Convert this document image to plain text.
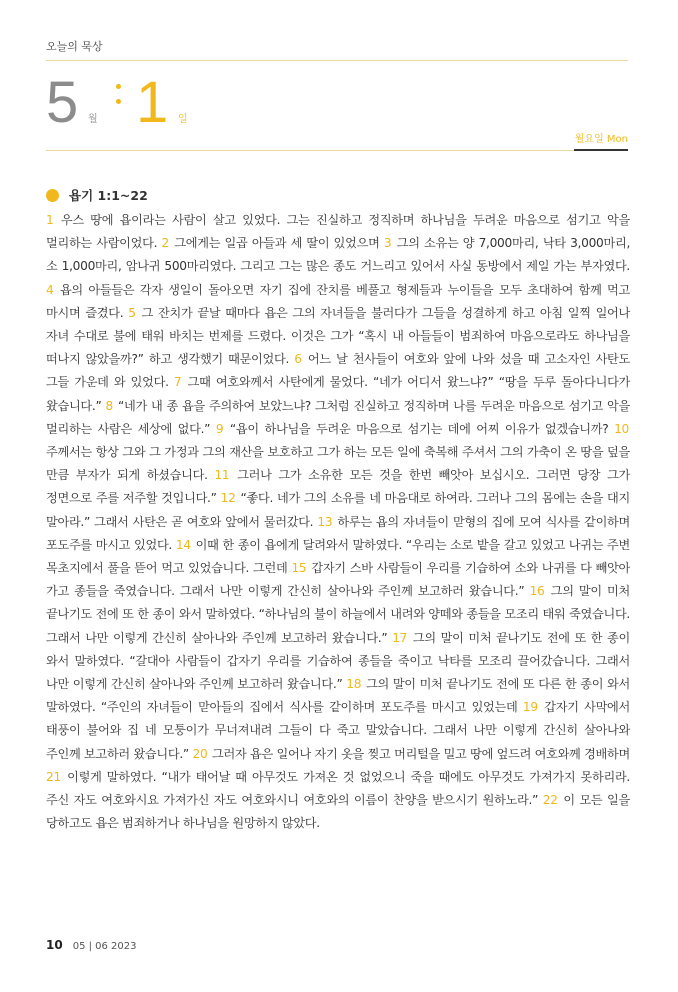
오늘의 묵상
5 월 1 일
월요일 Mon
욥기 1:1~22
1 우스 땅에 욥이라는 사람이 살고 있었다. 그는 진실하고 정직하며 하나님을 두려운 마음으로 섬기고 악을 멀리하는 사람이었다. 2 그에게는 일곱 아들과 세 딸이 있었으며 3 그의 소유는 양 7,000마리, 낙타 3,000마리, 소 1,000마리, 암나귀 500마리였다. 그리고 그는 많은 종도 거느리고 있어서 사실 동방에서 제일 가는 부자였다. 4 욥의 아들들은 각자 생일이 돌아오면 자기 집에 잔치를 베풀고 형제들과 누이들을 모두 초대하여 함께 먹고 마시며 즐겼다. 5 그 잔치가 끝날 때마다 욥은 그의 자녀들을 불러다가 그들을 성결하게 하고 아침 일찍 일어나 자녀 수대로 불에 태워 바치는 번제를 드렸다. 이것은 그가 “혹시 내 아들들이 범죄하여 마음으로라도 하나님을 떠나지 않았을까?” 하고 생각했기 때문이었다. 6 어느 날 천사들이 여호와 앞에 나와 섰을 때 고소자인 사탄도 그들 가운데 와 있었다. 7 그때 여호와께서 사탄에게 물었다. “네가 어디서 왔느냐?” “땅을 두루 돌아다니다가 왔습니다.” 8 “네가 내 종 욥을 주의하여 보았느냐? 그처럼 진실하고 정직하며 나를 두려운 마음으로 섬기고 악을 멀리하는 사람은 세상에 없다.” 9 “욥이 하나님을 두려운 마음으로 섬기는 데에 어찌 이유가 없겠습니까? 10 주께서는 항상 그와 그 가정과 그의 재산을 보호하고 그가 하는 모든 일에 축복해 주셔서 그의 가축이 온 땅을 덮을 만큼 부자가 되게 하셨습니다. 11 그러나 그가 소유한 모든 것을 한번 빼앗아 보십시오. 그러면 당장 그가 정면으로 주를 저주할 것입니다.” 12 “좋다. 네가 그의 소유를 네 마음대로 하여라. 그러나 그의 몸에는 손을 대지 말아라.” 그래서 사탄은 곧 여호와 앞에서 물러갔다. 13 하루는 욥의 자녀들이 맏형의 집에 모여 식사를 같이하며 포도주를 마시고 있었다. 14 이때 한 종이 욥에게 달려와서 말하였다. “우리는 소로 밭을 갈고 있었고 나귀는 주변 목초지에서 풀을 뜯어 먹고 있었습니다. 그런데 15 갑자기 스바 사람들이 우리를 기습하여 소와 나귀를 다 빼앗아 가고 종들을 죽였습니다. 그래서 나만 이렇게 간신히 살아나와 주인께 보고하러 왔습니다.” 16 그의 말이 미처 끝나기도 전에 또 한 종이 와서 말하였다. “하나님의 불이 하늘에서 내려와 양떼와 종들을 모조리 태워 죽였습니다. 그래서 나만 이렇게 간신히 살아나와 주인께 보고하러 왔습니다.” 17 그의 말이 미처 끝나기도 전에 또 한 종이 와서 말하였다. “갈대아 사람들이 갑자기 우리를 기습하여 종들을 죽이고 낙타를 모조리 끌어갔습니다. 그래서 나만 이렇게 간신히 살아나와 주인께 보고하러 왔습니다.” 18 그의 말이 미처 끝나기도 전에 또 다른 한 종이 와서 말하였다. “주인의 자녀들이 맏아들의 집에서 식사를 같이하며 포도주를 마시고 있었는데 19 갑자기 사막에서 태풍이 불어와 집 네 모퉁이가 무너져내려 그들이 다 죽고 말았습니다. 그래서 나만 이렇게 간신히 살아나와 주인께 보고하러 왔습니다.” 20 그러자 욥은 일어나 자기 옷을 찢고 머리털을 밀고 땅에 엎드려 여호와께 경배하며 21 이렇게 말하였다. “내가 태어날 때 아무것도 가져온 것 없었으니 죽을 때에도 아무것도 가져가지 못하리라. 주신 자도 여호와시요 가져가신 자도 여호와시니 여호와의 이름이 찬양을 받으시기 원하노라.” 22 이 모든 일을 당하고도 욥은 범죄하거나 하나님을 원망하지 않았다.
10 05 | 06 2023
